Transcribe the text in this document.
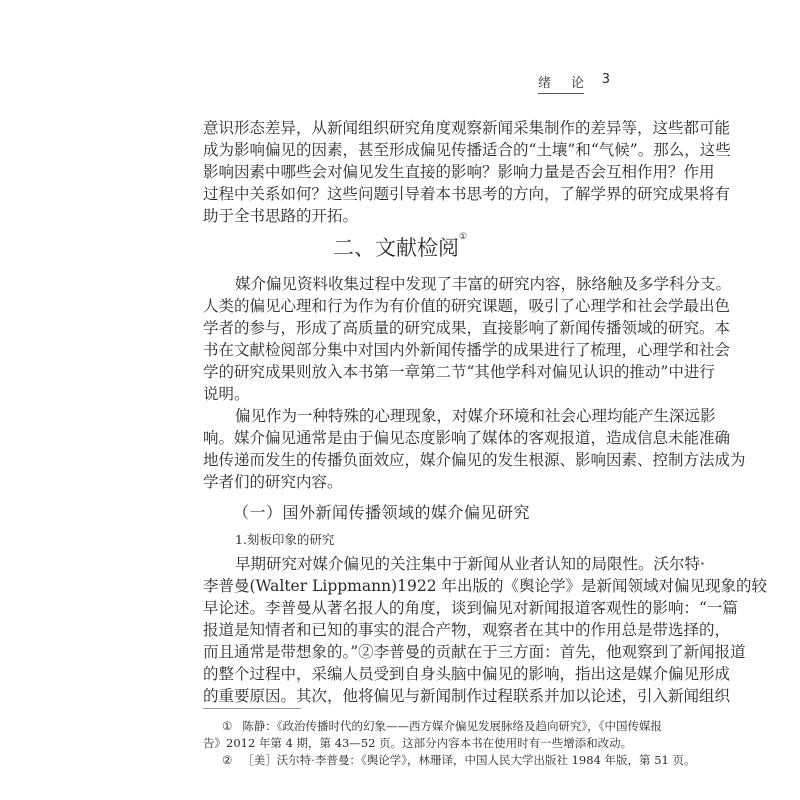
绪 论 3
意识形态差异，从新闻组织研究角度观察新闻采集制作的差异等，这些都可能
成为影响偏见的因素，甚至形成偏见传播适合的“土壤”和“气候”。那么，这些
影响因素中哪些会对偏见发生直接的影响？影响力量是否会互相作用？作用
过程中关系如何？这些问题引导着本书思考的方向，了解学界的研究成果将有
助于全书思路的开拓。
二、文献检阅①
媒介偏见资料收集过程中发现了丰富的研究内容，脉络触及多学科分支。
人类的偏见心理和行为作为有价值的研究课题，吸引了心理学和社会学最出色
学者的参与，形成了高质量的研究成果，直接影响了新闻传播领域的研究。本
书在文献检阅部分集中对国内外新闻传播学的成果进行了梳理，心理学和社会
学的研究成果则放入本书第一章第二节“其他学科对偏见认识的推动”中进行
说明。
偏见作为一种特殊的心理现象，对媒介环境和社会心理均能产生深远影
响。媒介偏见通常是由于偏见态度影响了媒体的客观报道，造成信息未能准确
地传递而发生的传播负面效应，媒介偏见的发生根源、影响因素、控制方法成为
学者们的研究内容。
（一）国外新闻传播领域的媒介偏见研究
1.刻板印象的研究
早期研究对媒介偏见的关注集中于新闻从业者认知的局限性。沃尔特·
李普曼(Walter Lippmann)1922 年出版的《舆论学》是新闻领域对偏见现象的较
早论述。李普曼从著名报人的角度，谈到偏见对新闻报道客观性的影响：“一篇
报道是知情者和已知的事实的混合产物，观察者在其中的作用总是带选择的，
而且通常是带想象的。”②李普曼的贡献在于三方面：首先，他观察到了新闻报道
的整个过程中，采编人员受到自身头脑中偏见的影响，指出这是媒介偏见形成
的重要原因。其次，他将偏见与新闻制作过程联系并加以论述，引入新闻组织
① 陈静：《政治传播时代的幻象——西方媒介偏见发展脉络及趋向研究》，《中国传媒报
告》2012 年第 4 期，第 43—52 页。这部分内容本书在使用时有一些增添和改动。
② ［美］沃尔特·李普曼：《舆论学》，林珊译，中国人民大学出版社 1984 年版，第 51 页。
